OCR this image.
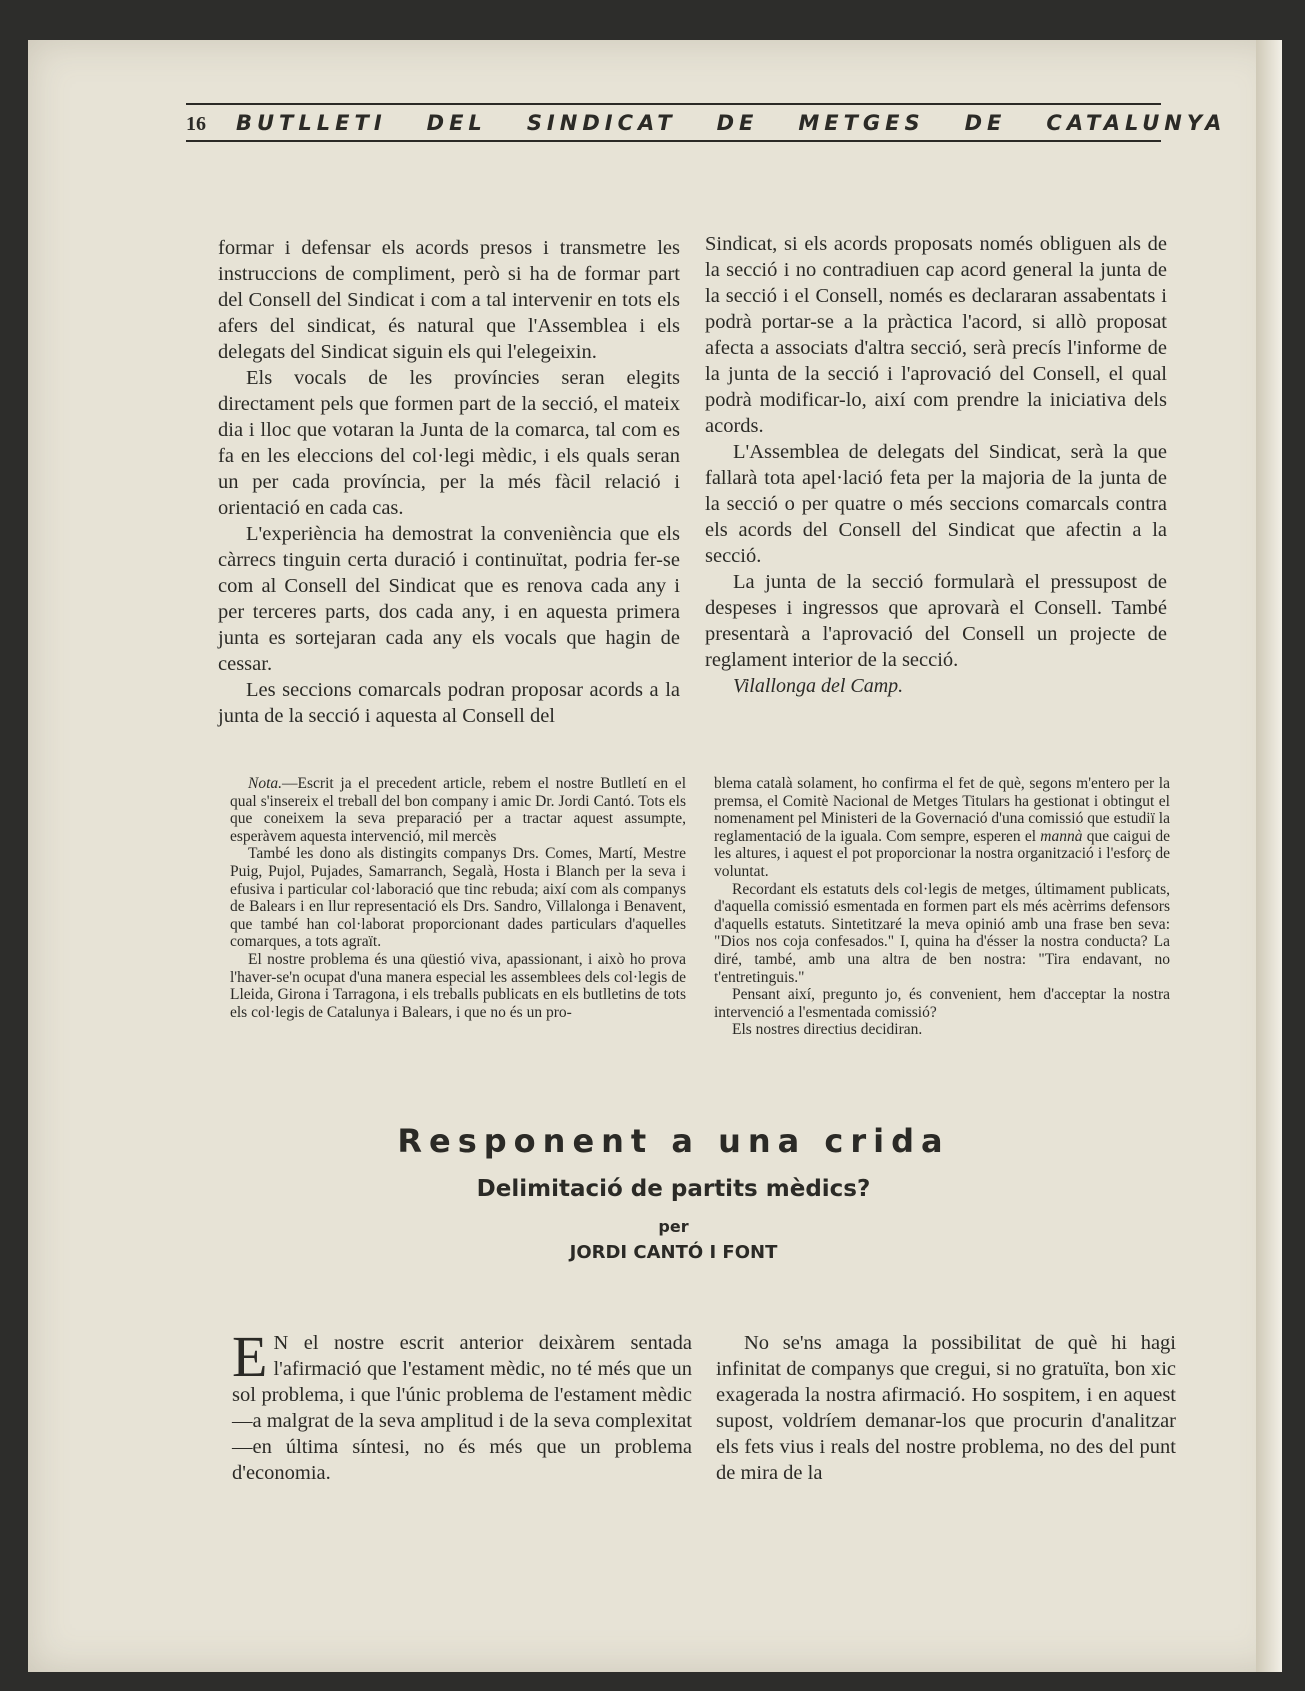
16 BUTLLETI DEL SINDICAT DE METGES DE CATALUNYA

formar i defensar els acords presos i transmetre les instruccions de compliment, però si ha de formar part del Consell del Sindicat i com a tal intervenir en tots els afers del sindicat, és natural que l'Assemblea i els delegats del Sindicat siguin els qui l'elegeixin.

Els vocals de les províncies seran elegits directament pels que formen part de la secció, el mateix dia i lloc que votaran la Junta de la comarca, tal com es fa en les eleccions del col·legi mèdic, i els quals seran un per cada província, per la més fàcil relació i orientació en cada cas.

L'experiència ha demostrat la conveniència que els càrrecs tinguin certa duració i continuïtat, podria fer-se com al Consell del Sindicat que es renova cada any i per terceres parts, dos cada any, i en aquesta primera junta es sortejaran cada any els vocals que hagin de cessar.

Les seccions comarcals podran proposar acords a la junta de la secció i aquesta al Consell del

Sindicat, si els acords proposats només obliguen als de la secció i no contradiuen cap acord general la junta de la secció i el Consell, només es declararan assabentats i podrà portar-se a la pràctica l'acord, si allò proposat afecta a associats d'altra secció, serà precís l'informe de la junta de la secció i l'aprovació del Consell, el qual podrà modificar-lo, així com prendre la iniciativa dels acords.

L'Assemblea de delegats del Sindicat, serà la que fallarà tota apel·lació feta per la majoria de la junta de la secció o per quatre o més seccions comarcals contra els acords del Consell del Sindicat que afectin a la secció.

La junta de la secció formularà el pressupost de despeses i ingressos que aprovarà el Consell. També presentarà a l'aprovació del Consell un projecte de reglament interior de la secció.

Vilallonga del Camp.

Nota.—Escrit ja el precedent article, rebem el nostre Butlletí en el qual s'insereix el treball del bon company i amic Dr. Jordi Cantó. Tots els que coneixem la seva preparació per a tractar aquest assumpte, esperàvem aquesta intervenció, mil mercès

També les dono als distingits companys Drs. Comes, Martí, Mestre Puig, Pujol, Pujades, Samarranch, Segalà, Hosta i Blanch per la seva i efusiva i particular col·laboració que tinc rebuda; així com als companys de Balears i en llur representació els Drs. Sandro, Villalonga i Benavent, que també han col·laborat proporcionant dades particulars d'aquelles comarques, a tots agraït.

El nostre problema és una qüestió viva, apassionant, i això ho prova l'haver-se'n ocupat d'una manera especial les assemblees dels col·legis de Lleida, Girona i Tarragona, i els treballs publicats en els butlletins de tots els col·legis de Catalunya i Balears, i que no és un pro-

blema català solament, ho confirma el fet de què, segons m'entero per la premsa, el Comitè Nacional de Metges Titulars ha gestionat i obtingut el nomenament pel Ministeri de la Governació d'una comissió que estudiï la reglamentació de la iguala. Com sempre, esperen el mannà que caigui de les altures, i aquest el pot proporcionar la nostra organització i l'esforç de voluntat.

Recordant els estatuts dels col·legis de metges, últimament publicats, d'aquella comissió esmentada en formen part els més acèrrims defensors d'aquells estatuts. Sintetitzaré la meva opinió amb una frase ben seva: "Dios nos coja confesados." I, quina ha d'ésser la nostra conducta? La diré, també, amb una altra de ben nostra: "Tira endavant, no t'entretinguis."

Pensant així, pregunto jo, és convenient, hem d'acceptar la nostra intervenció a l'esmentada comissió?

Els nostres directius decidiran.

Responent a una crida
Delimitació de partits mèdics?
per
JORDI CANTÓ I FONT

E N el nostre escrit anterior deixàrem sentada l'afirmació que l'estament mèdic, no té més que un sol problema, i que l'únic problema de l'estament mèdic—a malgrat de la seva amplitud i de la seva complexitat—en última síntesi, no és més que un problema d'economia.

No se'ns amaga la possibilitat de què hi hagi infinitat de companys que cregui, si no gratuïta, bon xic exagerada la nostra afirmació. Ho sospitem, i en aquest supost, voldríem demanar-los que procurin d'analitzar els fets vius i reals del nostre problema, no des del punt de mira de la
